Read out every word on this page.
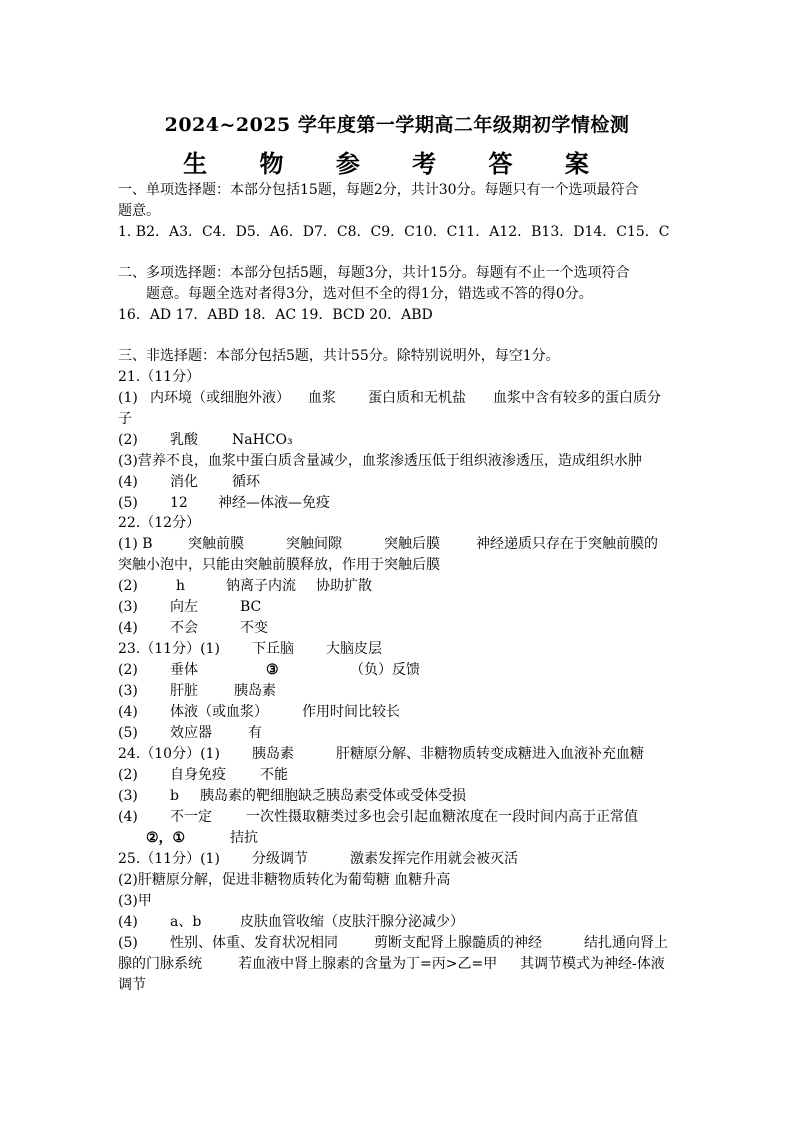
2024~2025 学年度第一学期高二年级期初学情检测
生 物 参 考 答 案
一、单项选择题：本部分包括15题，每题2分，共计30分。每题只有一个选项最符合
题意。
1. B2．A3．C4．D5．A6．D7．C8．C9．C10．C11．A12．B13．D14．C15．C
二、多项选择题：本部分包括5题，每题3分，共计15分。每题有不止一个选项符合
题意。每题全选对者得3分，选对但不全的得1分，错选或不答的得0分。
16．AD 17．ABD 18．AC 19．BCD 20．ABD
三、非选择题：本部分包括5题，共计55分。除特别说明外，每空1分。
21.（11分）
(1) 内环境（或细胞外液） 血浆 蛋白质和无机盐 血浆中含有较多的蛋白质分
子
(2) 乳酸 NaHCO₃
(3)营养不良，血浆中蛋白质含量减少，血浆渗透压低于组织液渗透压，造成组织水肿
(4) 消化 循环
(5) 12 神经—体液—免疫
22.（12分）
(1) B	突触前膜	突触间隙	突触后膜	神经递质只存在于突触前膜的
突触小泡中，只能由突触前膜释放，作用于突触后膜
(2)	h	钠离子内流 协助扩散
(3) 向左	BC
(4) 不会	不变
23.（11分）(1) 下丘脑 大脑皮层
(2) 垂体	③	（负）反馈
(3) 肝脏	胰岛素
(4) 体液（或血浆） 作用时间比较长
(5) 效应器	有
24.（10分）(1) 胰岛素	肝糖原分解、非糖物质转变成糖进入血液补充血糖
(2) 自身免疫 不能
(3) b 胰岛素的靶细胞缺乏胰岛素受体或受体受损
(4) 不一定 一次性摄取糖类过多也会引起血糖浓度在一段时间内高于正常值
②，①	拮抗
25.（11分）(1) 分级调节	激素发挥完作用就会被灭活
(2)肝糖原分解，促进非糖物质转化为葡萄糖 血糖升高
(3)甲
(4) a、b	皮肤血管收缩（皮肤汗腺分泌减少）
(5) 性别、体重、发育状况相同	剪断支配肾上腺髓质的神经	结扎通向肾上
腺的门脉系统	若血液中肾上腺素的含量为丁=丙>乙=甲 其调节模式为神经-体液
调节
